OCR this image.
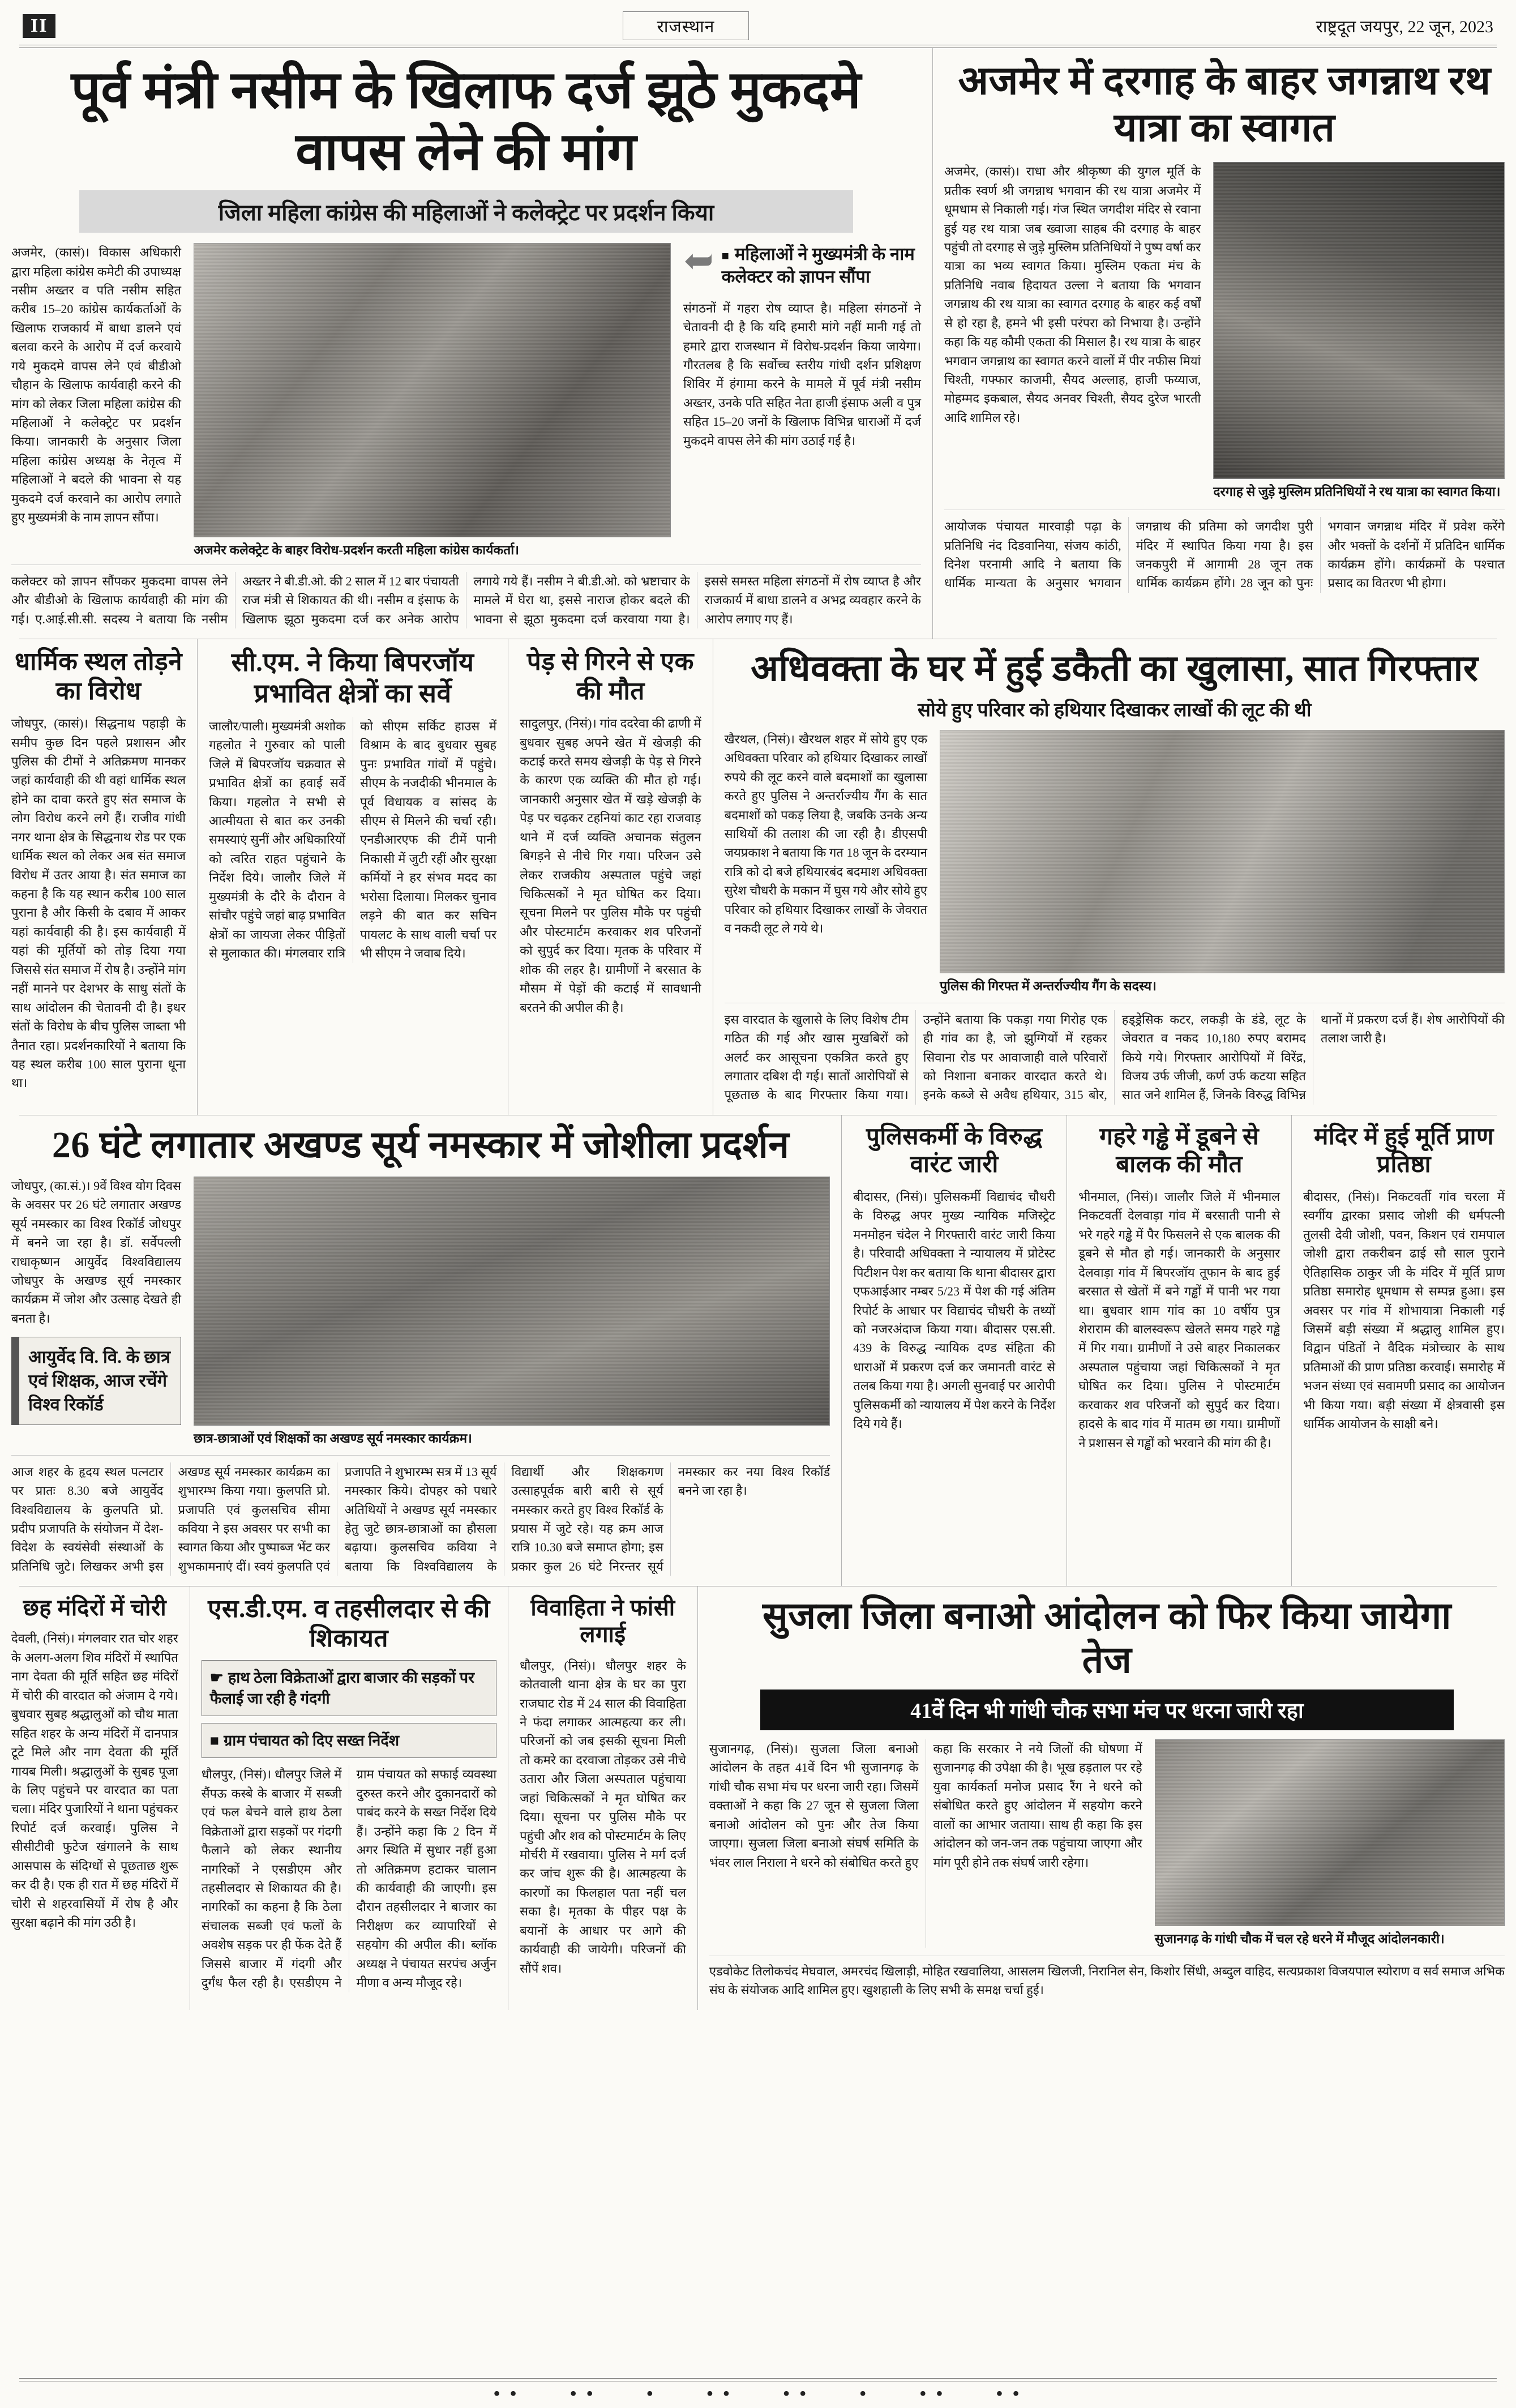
II	राजस्थान	राष्ट्रदूत जयपुर, 22 जून, 2023
पूर्व मंत्री नसीम के खिलाफ दर्ज झूठे मुकदमे वापस लेने की मांग
जिला महिला कांग्रेस की महिलाओं ने कलेक्ट्रेट पर प्रदर्शन किया
अजमेर, (कासं)। विकास अधिकारी द्वारा महिला कांग्रेस कमेटी की उपाध्यक्ष नसीम अख्तर व पति नसीम सहित करीब 15–20 कांग्रेस कार्यकर्ताओं के खिलाफ राजकार्य में बाधा डालने एवं बलवा करने के आरोप में दर्ज करवाये गये मुकदमे वापस लेने एवं बीडीओ चौहान के खिलाफ कार्यवाही करने की मांग को लेकर जिला महिला कांग्रेस की महिलाओं ने कलेक्ट्रेट पर प्रदर्शन किया। जानकारी के अनुसार जिला महिला कांग्रेस अध्यक्ष के नेतृत्व में महिलाओं ने बदले की भावना से यह मुकदमे दर्ज करवाने का आरोप लगाते हुए मुख्यमंत्री के नाम ज्ञापन सौंपा।
अजमेर कलेक्ट्रेट के बाहर विरोध-प्रदर्शन करती महिला कांग्रेस कार्यकर्ता।
➥ ■ महिलाओं ने मुख्यमंत्री के नाम कलेक्टर को ज्ञापन सौंपा
संगठनों में गहरा रोष व्याप्त है। महिला संगठनों ने चेतावनी दी है कि यदि हमारी मांगे नहीं मानी गई तो हमारे द्वारा राजस्थान में विरोध-प्रदर्शन किया जायेगा। गौरतलब है कि सर्वोच्च स्तरीय गांधी दर्शन प्रशिक्षण शिविर में हंगामा करने के मामले में पूर्व मंत्री नसीम अख्तर, उनके पति सहित नेता हाजी इंसाफ अली व पुत्र सहित 15–20 जनों के खिलाफ विभिन्न धाराओं में दर्ज मुकदमे वापस लेने की मांग उठाई गई है।
कलेक्टर को ज्ञापन सौंपकर मुकदमा वापस लेने और बीडीओ के खिलाफ कार्यवाही की मांग की गई। ए.आई.सी.सी. सदस्य ने बताया कि नसीम अख्तर ने बी.डी.ओ. की 2 साल में 12 बार पंचायती राज मंत्री से शिकायत की थी। नसीम व इंसाफ के खिलाफ झूठा मुकदमा दर्ज कर अनेक आरोप लगाये गये हैं। नसीम ने बी.डी.ओ. को भ्रष्टाचार के मामले में घेरा था, इससे नाराज होकर बदले की भावना से झूठा मुकदमा दर्ज करवाया गया है। इससे समस्त महिला संगठनों में रोष व्याप्त है और राजकार्य में बाधा डालने व अभद्र व्यवहार करने के आरोप लगाए गए हैं।
अजमेर में दरगाह के बाहर जगन्नाथ रथ यात्रा का स्वागत
अजमेर, (कासं)। राधा और श्रीकृष्ण की युगल मूर्ति के प्रतीक स्वर्ण श्री जगन्नाथ भगवान की रथ यात्रा अजमेर में धूमधाम से निकाली गई। गंज स्थित जगदीश मंदिर से रवाना हुई यह रथ यात्रा जब ख्वाजा साहब की दरगाह के बाहर पहुंची तो दरगाह से जुड़े मुस्लिम प्रतिनिधियों ने पुष्प वर्षा कर यात्रा का भव्य स्वागत किया। मुस्लिम एकता मंच के प्रतिनिधि नवाब हिदायत उल्ला ने बताया कि भगवान जगन्नाथ की रथ यात्रा का स्वागत दरगाह के बाहर कई वर्षों से हो रहा है, हमने भी इसी परंपरा को निभाया है। उन्होंने कहा कि यह कौमी एकता की मिसाल है। रथ यात्रा के बाहर भगवान जगन्नाथ का स्वागत करने वालों में पीर नफीस मियां चिश्ती, गफ्फार काजमी, सैयद अल्लाह, हाजी फय्याज, मोहम्मद इकबाल, सैयद अनवर चिश्ती, सैयद दुरेज भारती आदि शामिल रहे।
दरगाह से जुड़े मुस्लिम प्रतिनिधियों ने रथ यात्रा का स्वागत किया।
आयोजक पंचायत मारवाड़ी पढ़ा के प्रतिनिधि नंद दिडवानिया, संजय कांठी, दिनेश परनामी आदि ने बताया कि धार्मिक मान्यता के अनुसार भगवान जगन्नाथ की प्रतिमा को जगदीश पुरी मंदिर में स्थापित किया गया है। इस जनकपुरी में आगामी 28 जून तक धार्मिक कार्यक्रम होंगे। 28 जून को पुनः भगवान जगन्नाथ मंदिर में प्रवेश करेंगे और भक्तों के दर्शनों में प्रतिदिन धार्मिक कार्यक्रम होंगे। कार्यक्रमों के पश्चात प्रसाद का वितरण भी होगा।
धार्मिक स्थल तोड़ने का विरोध
जोधपुर, (कासं)। सिद्धनाथ पहाड़ी के समीप कुछ दिन पहले प्रशासन और पुलिस की टीमों ने अतिक्रमण मानकर जहां कार्यवाही की थी वहां धार्मिक स्थल होने का दावा करते हुए संत समाज के लोग विरोध करने लगे हैं। राजीव गांधी नगर थाना क्षेत्र के सिद्धनाथ रोड पर एक धार्मिक स्थल को लेकर अब संत समाज विरोध में उतर आया है। संत समाज का कहना है कि यह स्थान करीब 100 साल पुराना है और किसी के दबाव में आकर यहां कार्यवाही की है। इस कार्यवाही में यहां की मूर्तियों को तोड़ दिया गया जिससे संत समाज में रोष है। उन्होंने मांग नहीं मानने पर देशभर के साधु संतों के साथ आंदोलन की चेतावनी दी है। इधर संतों के विरोध के बीच पुलिस जाब्ता भी तैनात रहा। प्रदर्शनकारियों ने बताया कि यह स्थल करीब 100 साल पुराना धूना था।
सी.एम. ने किया बिपरजॉय प्रभावित क्षेत्रों का सर्वे
जालौर/पाली। मुख्यमंत्री अशोक गहलोत ने गुरुवार को पाली जिले में बिपरजॉय चक्रवात से प्रभावित क्षेत्रों का हवाई सर्वे किया। गहलोत ने सभी से आत्मीयता से बात कर उनकी समस्याएं सुनीं और अधिकारियों को त्वरित राहत पहुंचाने के निर्देश दिये। जालौर जिले में मुख्यमंत्री के दौरे के दौरान वे सांचौर पहुंचे जहां बाढ़ प्रभावित क्षेत्रों का जायजा लेकर पीड़ितों से मुलाकात की। मंगलवार रात्रि को सीएम सर्किट हाउस में विश्राम के बाद बुधवार सुबह पुनः प्रभावित गांवों में पहुंचे। सीएम के नजदीकी भीनमाल के पूर्व विधायक व सांसद के सीएम से मिलने की चर्चा रही। एनडीआरएफ की टीमें पानी निकासी में जुटी रहीं और सुरक्षा कर्मियों ने हर संभव मदद का भरोसा दिलाया। मिलकर चुनाव लड़ने की बात कर सचिन पायलट के साथ वाली चर्चा पर भी सीएम ने जवाब दिये।
पेड़ से गिरने से एक की मौत
सादुलपुर, (निसं)। गांव ददरेवा की ढाणी में बुधवार सुबह अपने खेत में खेजड़ी की कटाई करते समय खेजड़ी के पेड़ से गिरने के कारण एक व्यक्ति की मौत हो गई। जानकारी अनुसार खेत में खड़े खेजड़ी के पेड़ पर चढ़कर टहनियां काट रहा राजवाड़ थाने में दर्ज व्यक्ति अचानक संतुलन बिगड़ने से नीचे गिर गया। परिजन उसे लेकर राजकीय अस्पताल पहुंचे जहां चिकित्सकों ने मृत घोषित कर दिया। सूचना मिलने पर पुलिस मौके पर पहुंची और पोस्टमार्टम करवाकर शव परिजनों को सुपुर्द कर दिया। मृतक के परिवार में शोक की लहर है। ग्रामीणों ने बरसात के मौसम में पेड़ों की कटाई में सावधानी बरतने की अपील की है।
अधिवक्ता के घर में हुई डकैती का खुलासा, सात गिरफ्तार
सोये हुए परिवार को हथियार दिखाकर लाखों की लूट की थी
खैरथल, (निसं)। खैरथल शहर में सोये हुए एक अधिवक्ता परिवार को हथियार दिखाकर लाखों रुपये की लूट करने वाले बदमाशों का खुलासा करते हुए पुलिस ने अन्तर्राज्यीय गैंग के सात बदमाशों को पकड़ लिया है, जबकि उनके अन्य साथियों की तलाश की जा रही है। डीएसपी जयप्रकाश ने बताया कि गत 18 जून के दरम्यान रात्रि को दो बजे हथियारबंद बदमाश अधिवक्ता सुरेश चौधरी के मकान में घुस गये और सोये हुए परिवार को हथियार दिखाकर लाखों के जेवरात व नकदी लूट ले गये थे।
पुलिस की गिरफ्त में अन्तर्राज्यीय गैंग के सदस्य।
इस वारदात के खुलासे के लिए विशेष टीम गठित की गई और खास मुखबिरों को अलर्ट कर आसूचना एकत्रित करते हुए लगातार दबिश दी गई। सातों आरोपियों से पूछताछ के बाद गिरफ्तार किया गया। उन्होंने बताया कि पकड़ा गया गिरोह एक ही गांव का है, जो झुग्गियों में रहकर सिवाना रोड पर आवाजाही वाले परिवारों को निशाना बनाकर वारदात करते थे। इनके कब्जे से अवैध हथियार, 315 बोर, हड्ड्रेसिक कटर, लकड़ी के डंडे, लूट के जेवरात व नकद 10,180 रुपए बरामद किये गये। गिरफ्तार आरोपियों में विरेंद्र, विजय उर्फ जीजी, कर्ण उर्फ कटया सहित सात जने शामिल हैं, जिनके विरुद्ध विभिन्न थानों में प्रकरण दर्ज हैं। शेष आरोपियों की तलाश जारी है।
26 घंटे लगातार अखण्ड सूर्य नमस्कार में जोशीला प्रदर्शन
जोधपुर, (का.सं.)। 9वें विश्व योग दिवस के अवसर पर 26 घंटे लगातार अखण्ड सूर्य नमस्कार का विश्व रिकॉर्ड जोधपुर में बनने जा रहा है। डॉ. सर्वेपल्ली राधाकृष्णन आयुर्वेद विश्वविद्यालय जोधपुर के अखण्ड सूर्य नमस्कार कार्यक्रम में जोश और उत्साह देखते ही बनता है।
आयुर्वेद वि. वि. के छात्र एवं शिक्षक, आज रचेंगे विश्व रिकॉर्ड
छात्र-छात्राओं एवं शिक्षकों का अखण्ड सूर्य नमस्कार कार्यक्रम।
आज शहर के हृदय स्थल पत्नटार पर प्रातः 8.30 बजे आयुर्वेद विश्वविद्यालय के कुलपति प्रो. प्रदीप प्रजापति के संयोजन में देश-विदेश के स्वयंसेवी संस्थाओं के प्रतिनिधि जुटे। लिखकर अभी इस अखण्ड सूर्य नमस्कार कार्यक्रम का शुभारम्भ किया गया। कुलपति प्रो. प्रजापति एवं कुलसचिव सीमा कविया ने इस अवसर पर सभी का स्वागत किया और पुष्पाब्ज भेंट कर शुभकामनाएं दीं। स्वयं कुलपति एवं प्रजापति ने शुभारम्भ सत्र में 13 सूर्य नमस्कार किये। दोपहर को पधारे अतिथियों ने अखण्ड सूर्य नमस्कार हेतु जुटे छात्र-छात्राओं का हौसला बढ़ाया। कुलसचिव कविया ने बताया कि विश्वविद्यालय के विद्यार्थी और शिक्षकगण उत्साहपूर्वक बारी बारी से सूर्य नमस्कार करते हुए विश्व रिकॉर्ड के प्रयास में जुटे रहे। यह क्रम आज रात्रि 10.30 बजे समाप्त होगा; इस प्रकार कुल 26 घंटे निरन्तर सूर्य नमस्कार कर नया विश्व रिकॉर्ड बनने जा रहा है।
पुलिसकर्मी के विरुद्ध वारंट जारी
बीदासर, (निसं)। पुलिसकर्मी विद्याचंद चौधरी के विरुद्ध अपर मुख्य न्यायिक मजिस्ट्रेट मनमोहन चंदेल ने गिरफ्तारी वारंट जारी किया है। परिवादी अधिवक्ता ने न्यायालय में प्रोटेस्ट पिटीशन पेश कर बताया कि थाना बीदासर द्वारा एफआईआर नम्बर 5/23 में पेश की गई अंतिम रिपोर्ट के आधार पर विद्याचंद चौधरी के तथ्यों को नजरअंदाज किया गया। बीदासर एस.सी. 439 के विरुद्ध न्यायिक दण्ड संहिता की धाराओं में प्रकरण दर्ज कर जमानती वारंट से तलब किया गया है। अगली सुनवाई पर आरोपी पुलिसकर्मी को न्यायालय में पेश करने के निर्देश दिये गये हैं।
गहरे गड्ढे में डूबने से बालक की मौत
भीनमाल, (निसं)। जालौर जिले में भीनमाल निकटवर्ती देलवाड़ा गांव में बरसाती पानी से भरे गहरे गड्ढे में पैर फिसलने से एक बालक की डूबने से मौत हो गई। जानकारी के अनुसार देलवाड़ा गांव में बिपरजॉय तूफान के बाद हुई बरसात से खेतों में बने गड्ढों में पानी भर गया था। बुधवार शाम गांव का 10 वर्षीय पुत्र शेराराम की बालस्वरूप खेलते समय गहरे गड्ढे में गिर गया। ग्रामीणों ने उसे बाहर निकालकर अस्पताल पहुंचाया जहां चिकित्सकों ने मृत घोषित कर दिया। पुलिस ने पोस्टमार्टम करवाकर शव परिजनों को सुपुर्द कर दिया। हादसे के बाद गांव में मातम छा गया। ग्रामीणों ने प्रशासन से गड्ढों को भरवाने की मांग की है।
मंदिर में हुई मूर्ति प्राण प्रतिष्ठा
बीदासर, (निसं)। निकटवर्ती गांव चरला में स्वर्गीय द्वारका प्रसाद जोशी की धर्मपत्नी तुलसी देवी जोशी, पवन, किशन एवं रामपाल जोशी द्वारा तकरीबन ढाई सौ साल पुराने ऐतिहासिक ठाकुर जी के मंदिर में मूर्ति प्राण प्रतिष्ठा समारोह धूमधाम से सम्पन्न हुआ। इस अवसर पर गांव में शोभायात्रा निकाली गई जिसमें बड़ी संख्या में श्रद्धालु शामिल हुए। विद्वान पंडितों ने वैदिक मंत्रोच्चार के साथ प्रतिमाओं की प्राण प्रतिष्ठा करवाई। समारोह में भजन संध्या एवं सवामणी प्रसाद का आयोजन भी किया गया। बड़ी संख्या में क्षेत्रवासी इस धार्मिक आयोजन के साक्षी बने।
छह मंदिरों में चोरी
देवली, (निसं)। मंगलवार रात चोर शहर के अलग-अलग शिव मंदिरों में स्थापित नाग देवता की मूर्ति सहित छह मंदिरों में चोरी की वारदात को अंजाम दे गये। बुधवार सुबह श्रद्धालुओं को चौथ माता सहित शहर के अन्य मंदिरों में दानपात्र टूटे मिले और नाग देवता की मूर्ति गायब मिली। श्रद्धालुओं के सुबह पूजा के लिए पहुंचने पर वारदात का पता चला। मंदिर पुजारियों ने थाना पहुंचकर रिपोर्ट दर्ज करवाई। पुलिस ने सीसीटीवी फुटेज खंगालने के साथ आसपास के संदिग्धों से पूछताछ शुरू कर दी है। एक ही रात में छह मंदिरों में चोरी से शहरवासियों में रोष है और सुरक्षा बढ़ाने की मांग उठी है।
एस.डी.एम. व तहसीलदार से की शिकायत
☛ हाथ ठेला विक्रेताओं द्वारा बाजार की सड़कों पर फैलाई जा रही है गंदगी
■ ग्राम पंचायत को दिए सख्त निर्देश
धौलपुर, (निसं)। धौलपुर जिले में सैंपऊ कस्बे के बाजार में सब्जी एवं फल बेचने वाले हाथ ठेला विक्रेताओं द्वारा सड़कों पर गंदगी फैलाने को लेकर स्थानीय नागरिकों ने एसडीएम और तहसीलदार से शिकायत की है। नागरिकों का कहना है कि ठेला संचालक सब्जी एवं फलों के अवशेष सड़क पर ही फेंक देते हैं जिससे बाजार में गंदगी और दुर्गंध फैल रही है। एसडीएम ने ग्राम पंचायत को सफाई व्यवस्था दुरुस्त करने और दुकानदारों को पाबंद करने के सख्त निर्देश दिये हैं। उन्होंने कहा कि 2 दिन में अगर स्थिति में सुधार नहीं हुआ तो अतिक्रमण हटाकर चालान की कार्यवाही की जाएगी। इस दौरान तहसीलदार ने बाजार का निरीक्षण कर व्यापारियों से सहयोग की अपील की। ब्लॉक अध्यक्ष ने पंचायत सरपंच अर्जुन मीणा व अन्य मौजूद रहे।
विवाहिता ने फांसी लगाई
धौलपुर, (निसं)। धौलपुर शहर के कोतवाली थाना क्षेत्र के घर का पुरा राजघाट रोड में 24 साल की विवाहिता ने फंदा लगाकर आत्महत्या कर ली। परिजनों को जब इसकी सूचना मिली तो कमरे का दरवाजा तोड़कर उसे नीचे उतारा और जिला अस्पताल पहुंचाया जहां चिकित्सकों ने मृत घोषित कर दिया। सूचना पर पुलिस मौके पर पहुंची और शव को पोस्टमार्टम के लिए मोर्चरी में रखवाया। पुलिस ने मर्ग दर्ज कर जांच शुरू की है। आत्महत्या के कारणों का फिलहाल पता नहीं चल सका है। मृतका के पीहर पक्ष के बयानों के आधार पर आगे की कार्यवाही की जायेगी। परिजनों की सौंपें शव।
सुजला जिला बनाओ आंदोलन को फिर किया जायेगा तेज
41वें दिन भी गांधी चौक सभा मंच पर धरना जारी रहा
सुजानगढ़, (निसं)। सुजला जिला बनाओ आंदोलन के तहत 41वें दिन भी सुजानगढ़ के गांधी चौक सभा मंच पर धरना जारी रहा। जिसमें वक्ताओं ने कहा कि 27 जून से सुजला जिला बनाओ आंदोलन को पुनः और तेज किया जाएगा। सुजला जिला बनाओ संघर्ष समिति के भंवर लाल निराला ने धरने को संबोधित करते हुए कहा कि सरकार ने नये जिलों की घोषणा में सुजानगढ़ की उपेक्षा की है। भूख हड़ताल पर रहे युवा कार्यकर्ता मनोज प्रसाद रैंग ने धरने को संबोधित करते हुए आंदोलन में सहयोग करने वालों का आभार जताया। साथ ही कहा कि इस आंदोलन को जन-जन तक पहुंचाया जाएगा और मांग पूरी होने तक संघर्ष जारी रहेगा।
सुजानगढ़ के गांधी चौक में चल रहे धरने में मौजूद आंदोलनकारी।
एडवोकेट तिलोकचंद मेघवाल, अमरचंद खिलाड़ी, मोहित रखवालिया, आसलम खिलजी, निरानिल सेन, किशोर सिंधी, अब्दुल वाहिद, सत्यप्रकाश विजयपाल स्योराण व सर्व समाज अभिक संघ के संयोजक आदि शामिल हुए। खुशहाली के लिए सभी के समक्ष चर्चा हुई।
● ●        ● ●        ●        ● ●        ● ●        ●        ● ●        ● ●
